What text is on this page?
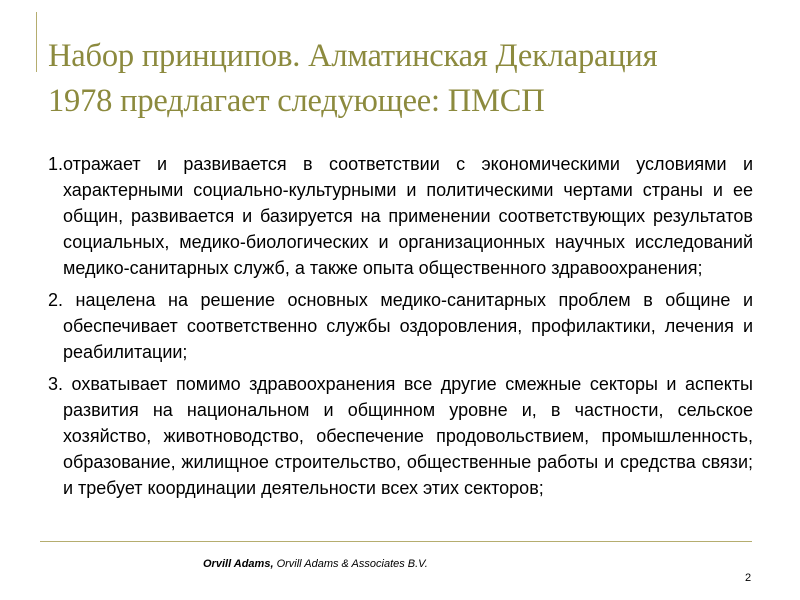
Набор принципов. Алматинская Декларация
1978 предлагает следующее: ПМСП

1.отражает и развивается в соответствии с экономическими условиями и характерными социально-культурными и политическими чертами страны и ее общин, развивается и базируется на применении соответствующих результатов социальных, медико-биологических и организационных научных исследований медико-санитарных служб, а также опыта общественного здравоохранения;

2. нацелена на решение основных медико-санитарных проблем в общине и обеспечивает соответственно службы оздоровления, профилактики, лечения и реабилитации;

3. охватывает помимо здравоохранения все другие смежные секторы и аспекты развития на национальном и общинном уровне и, в частности, сельское хозяйство, животноводство, обеспечение продовольствием, промышленность, образование, жилищное строительство, общественные работы и средства связи; и требует координации деятельности всех этих секторов;

Orvill Adams, Orvill Adams & Associates B.V.
2
